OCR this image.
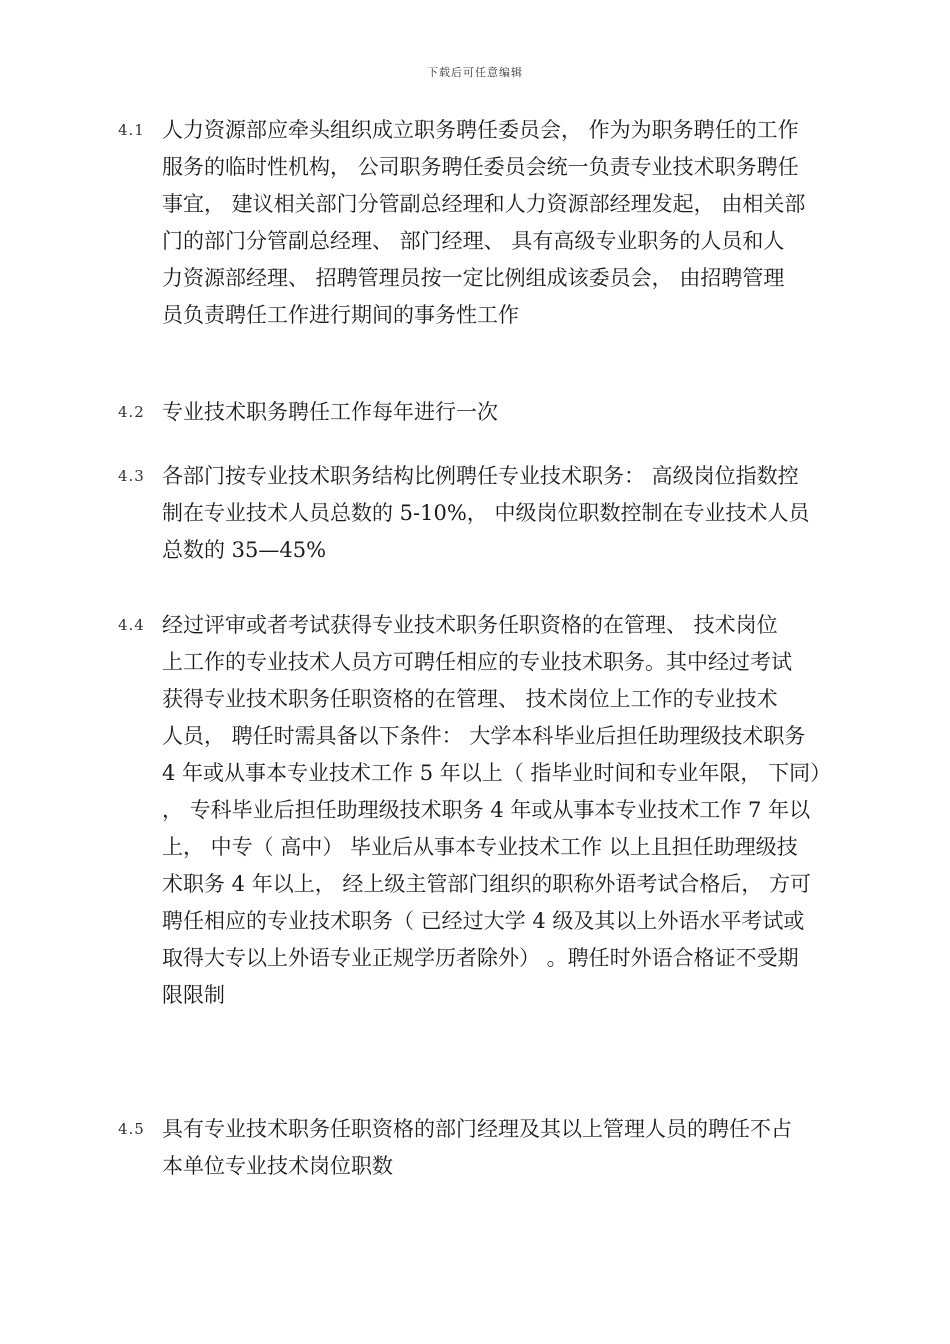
下载后可任意编辑
4.1 人力资源部应牵头组织成立职务聘任委员会， 作为为职务聘任的工作
服务的临时性机构， 公司职务聘任委员会统一负责专业技术职务聘任
事宜， 建议相关部门分管副总经理和人力资源部经理发起， 由相关部
门的部门分管副总经理、 部门经理、 具有高级专业职务的人员和人
力资源部经理、 招聘管理员按一定比例组成该委员会， 由招聘管理
员负责聘任工作进行期间的事务性工作
4.2 专业技术职务聘任工作每年进行一次
4.3 各部门按专业技术职务结构比例聘任专业技术职务： 高级岗位指数控
制在专业技术人员总数的 5-10%， 中级岗位职数控制在专业技术人员
总数的 35—45%
4.4 经过评审或者考试获得专业技术职务任职资格的在管理、 技术岗位
上工作的专业技术人员方可聘任相应的专业技术职务。其中经过考试
获得专业技术职务任职资格的在管理、 技术岗位上工作的专业技术
人员， 聘任时需具备以下条件： 大学本科毕业后担任助理级技术职务
4 年或从事本专业技术工作 5 年以上（ 指毕业时间和专业年限， 下同）
， 专科毕业后担任助理级技术职务 4 年或从事本专业技术工作 7 年以
上， 中专（ 高中） 毕业后从事本专业技术工作 以上且担任助理级技
术职务 4 年以上， 经上级主管部门组织的职称外语考试合格后， 方可
聘任相应的专业技术职务（ 已经过大学 4 级及其以上外语水平考试或
取得大专以上外语专业正规学历者除外） 。聘任时外语合格证不受期
限限制
4.5 具有专业技术职务任职资格的部门经理及其以上管理人员的聘任不占
本单位专业技术岗位职数
